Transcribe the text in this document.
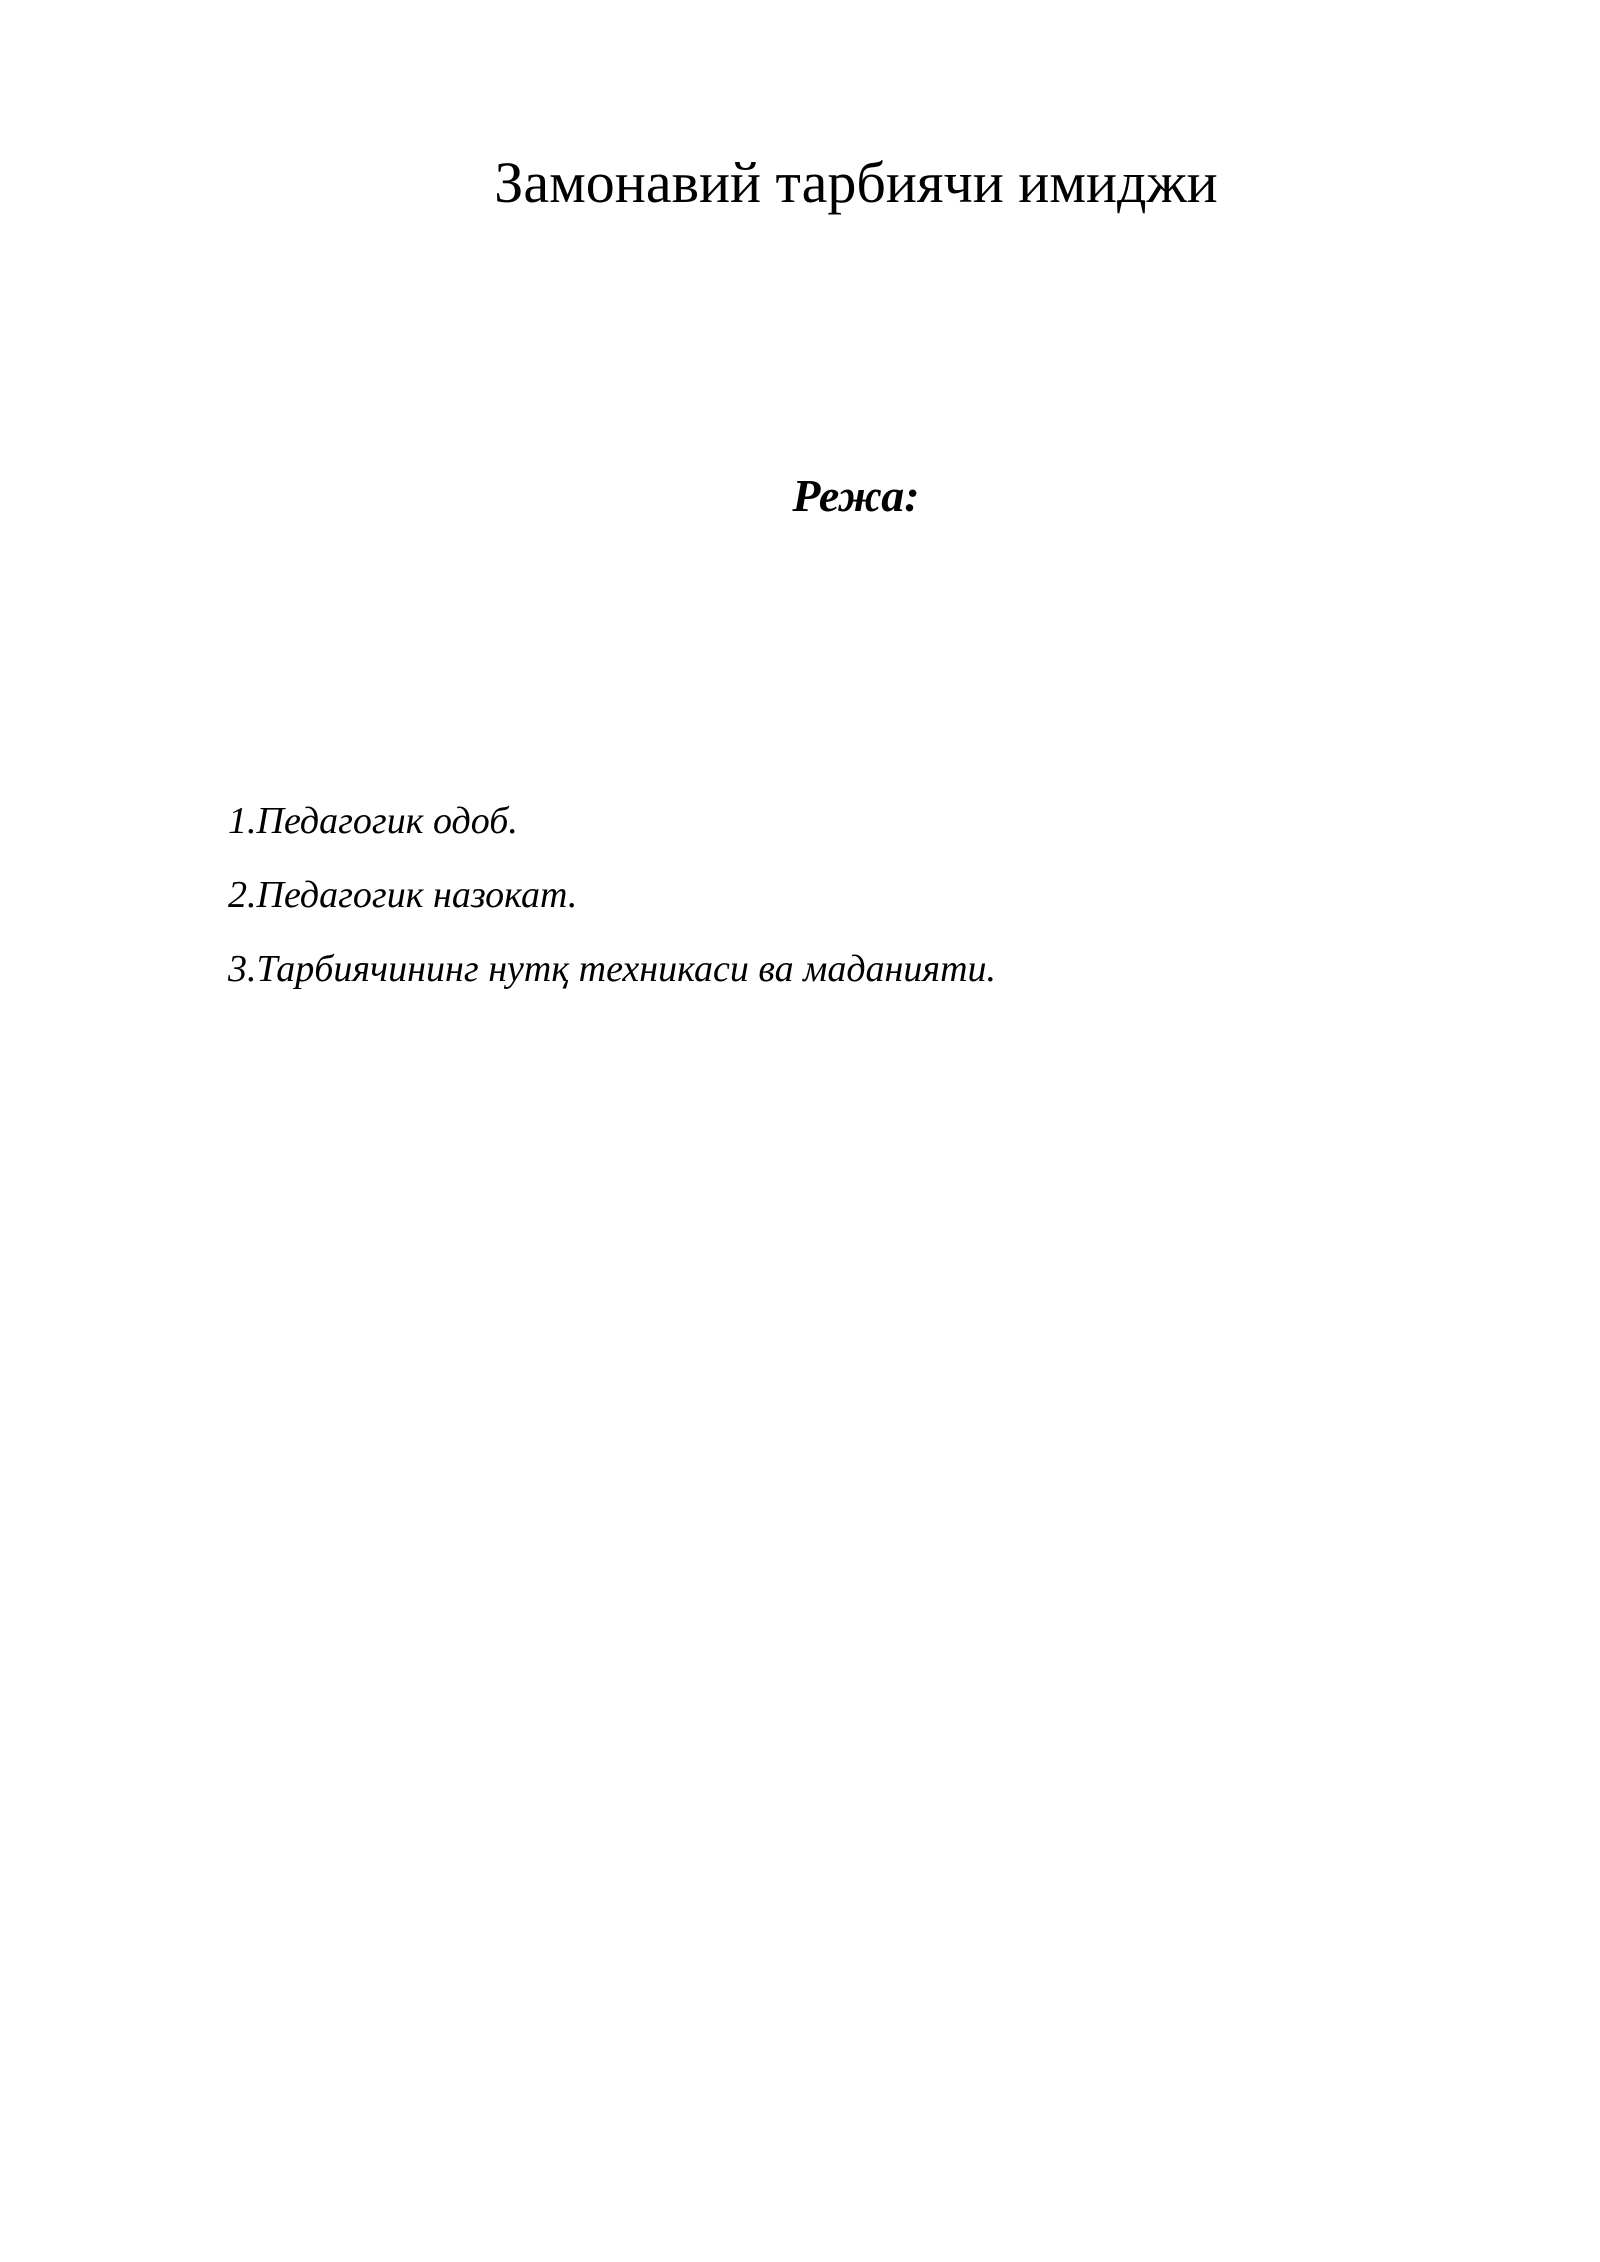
Замонавий тарбиячи имиджи
Режа:
1.Педагогик одоб.
2.Педагогик назокат.
3.Тарбиячининг нутқ техникаси ва маданияти.
